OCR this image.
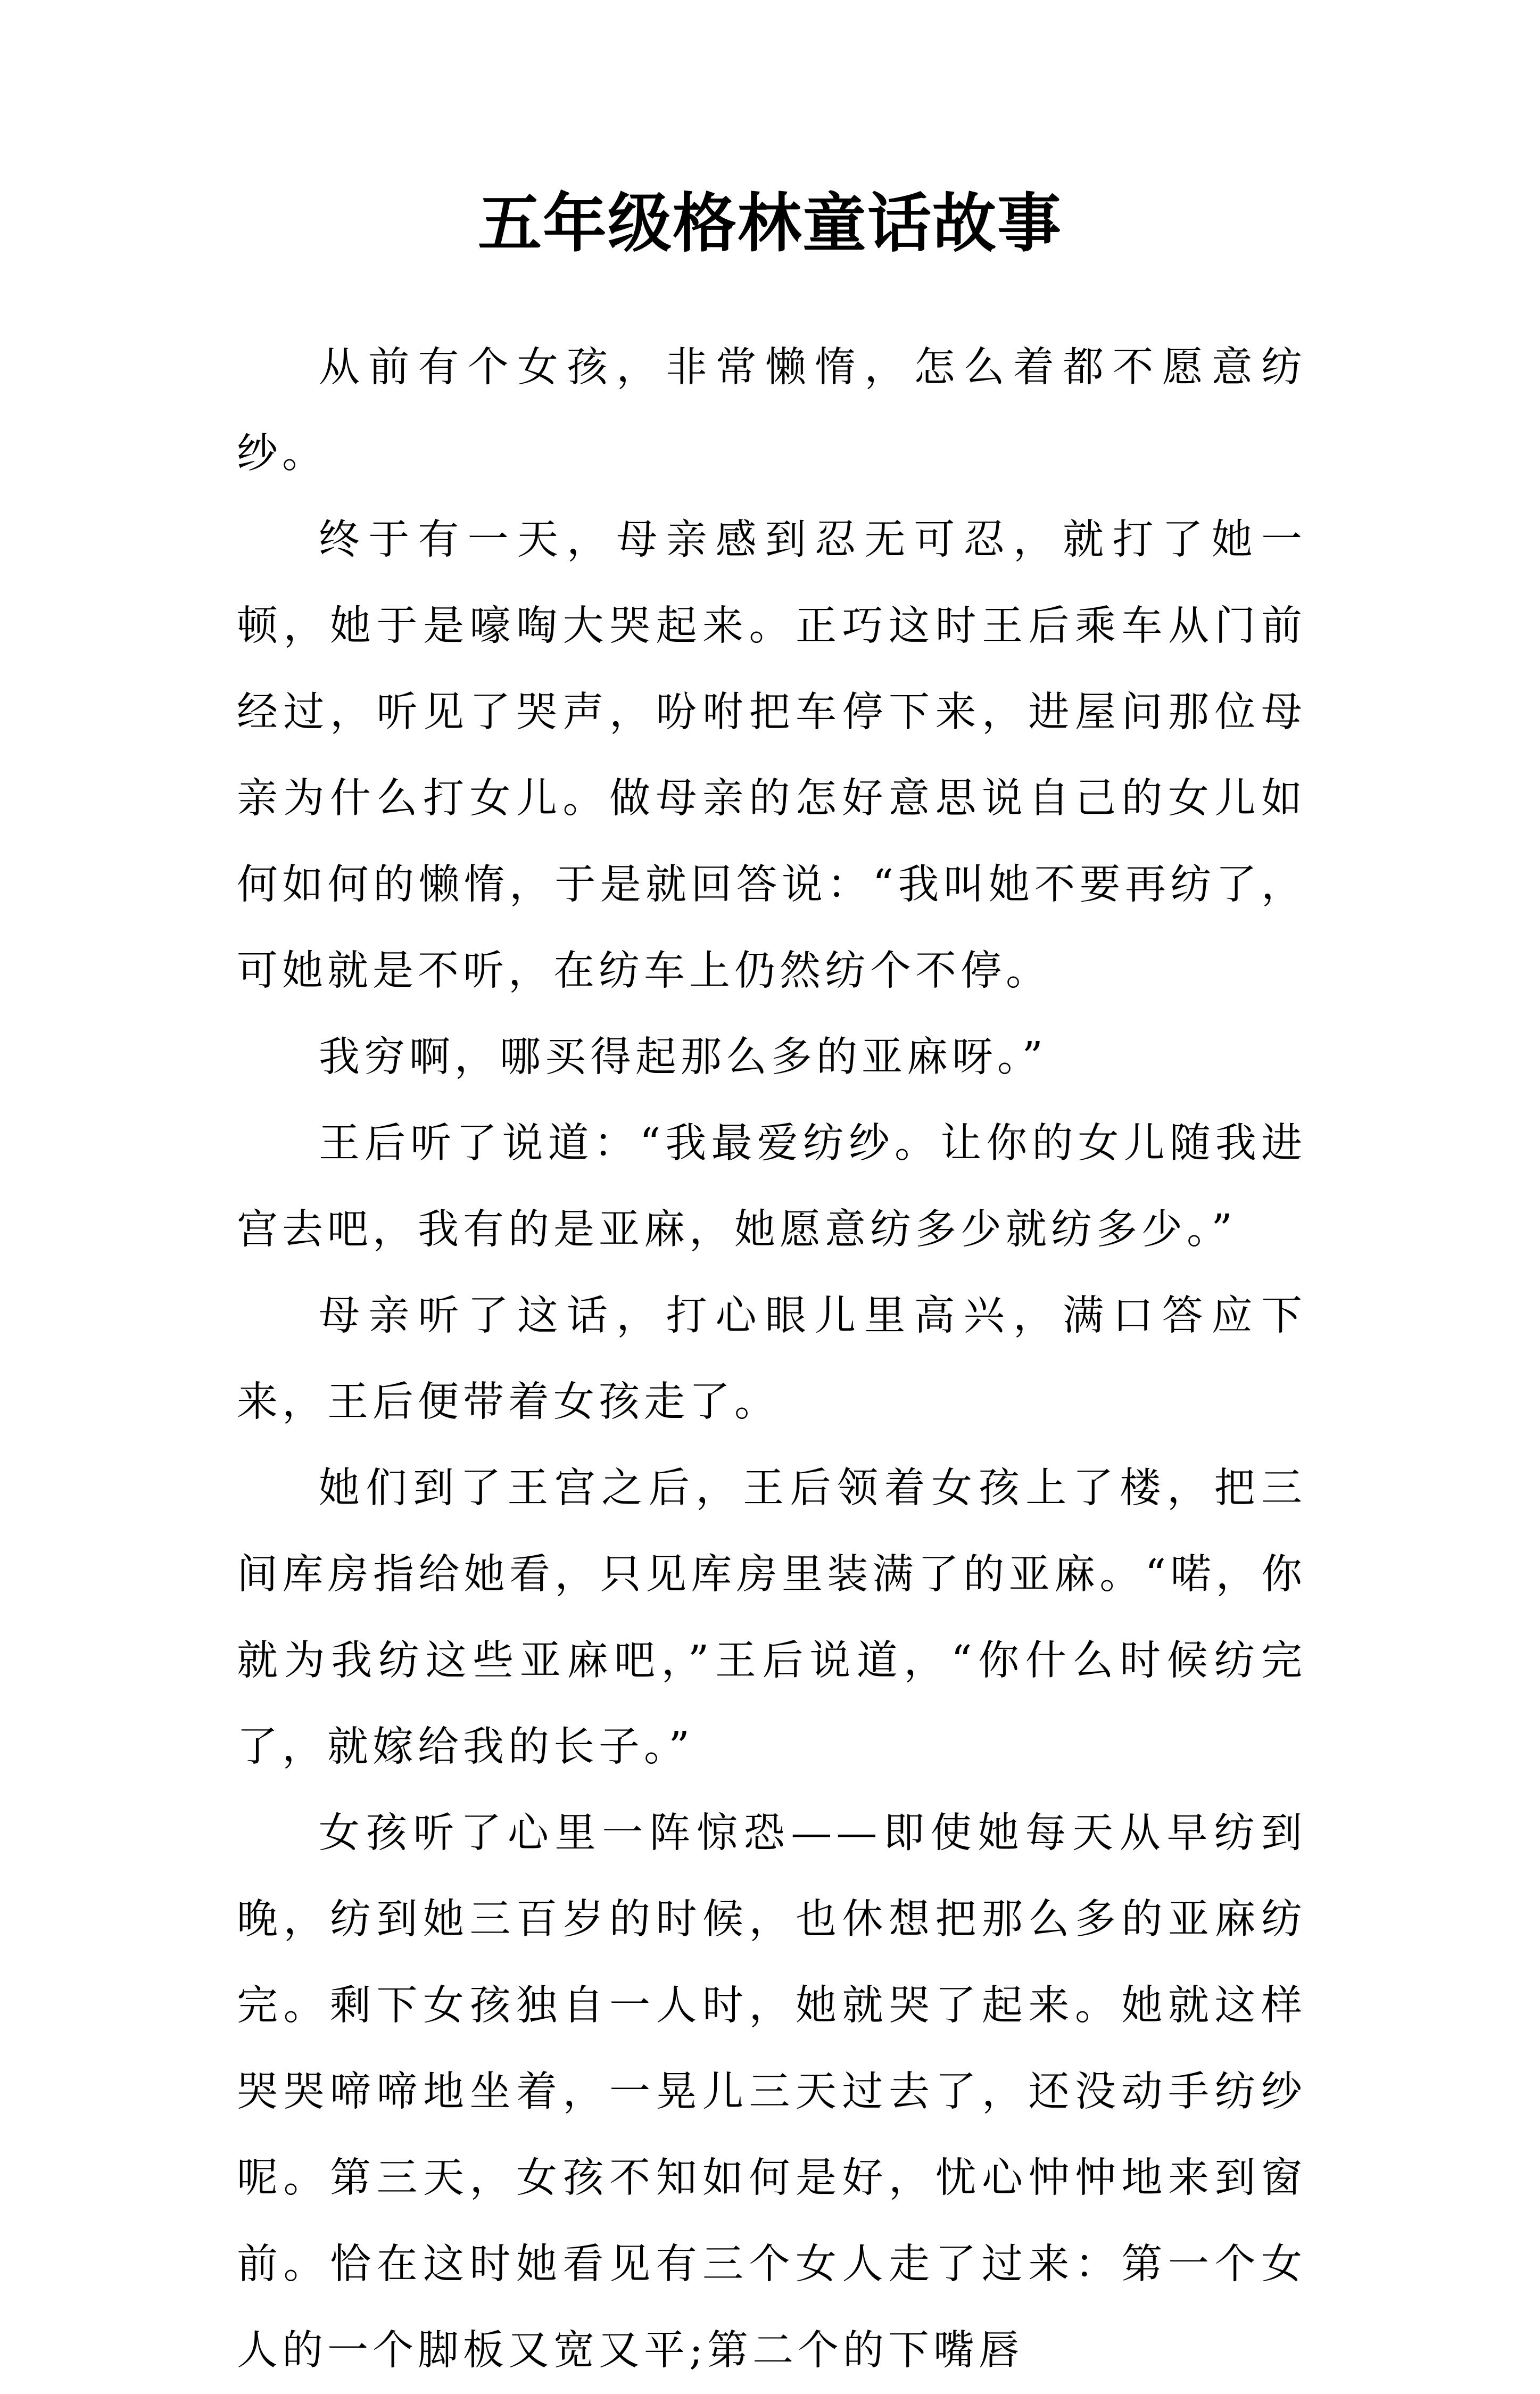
五年级格林童话故事

从前有个女孩，非常懒惰，怎么着都不愿意纺纱。

终于有一天，母亲感到忍无可忍，就打了她一顿，她于是嚎啕大哭起来。正巧这时王后乘车从门前经过，听见了哭声，吩咐把车停下来，进屋问那位母亲为什么打女儿。做母亲的怎好意思说自己的女儿如何如何的懒惰，于是就回答说：“我叫她不要再纺了，可她就是不听，在纺车上仍然纺个不停。

我穷啊，哪买得起那么多的亚麻呀。”

王后听了说道：“我最爱纺纱。让你的女儿随我进宫去吧，我有的是亚麻，她愿意纺多少就纺多少。”

母亲听了这话，打心眼儿里高兴，满口答应下来，王后便带着女孩走了。

她们到了王宫之后，王后领着女孩上了楼，把三间库房指给她看，只见库房里装满了的亚麻。“喏，你就为我纺这些亚麻吧，”王后说道，“你什么时候纺完了，就嫁给我的长子。”

女孩听了心里一阵惊恐——即使她每天从早纺到晚，纺到她三百岁的时候，也休想把那么多的亚麻纺完。剩下女孩独自一人时，她就哭了起来。她就这样哭哭啼啼地坐着，一晃儿三天过去了，还没动手纺纱呢。第三天，女孩不知如何是好，忧心忡忡地来到窗前。恰在这时她看见有三个女人走了过来：第一个女人的一个脚板又宽又平;第二个的下嘴唇
